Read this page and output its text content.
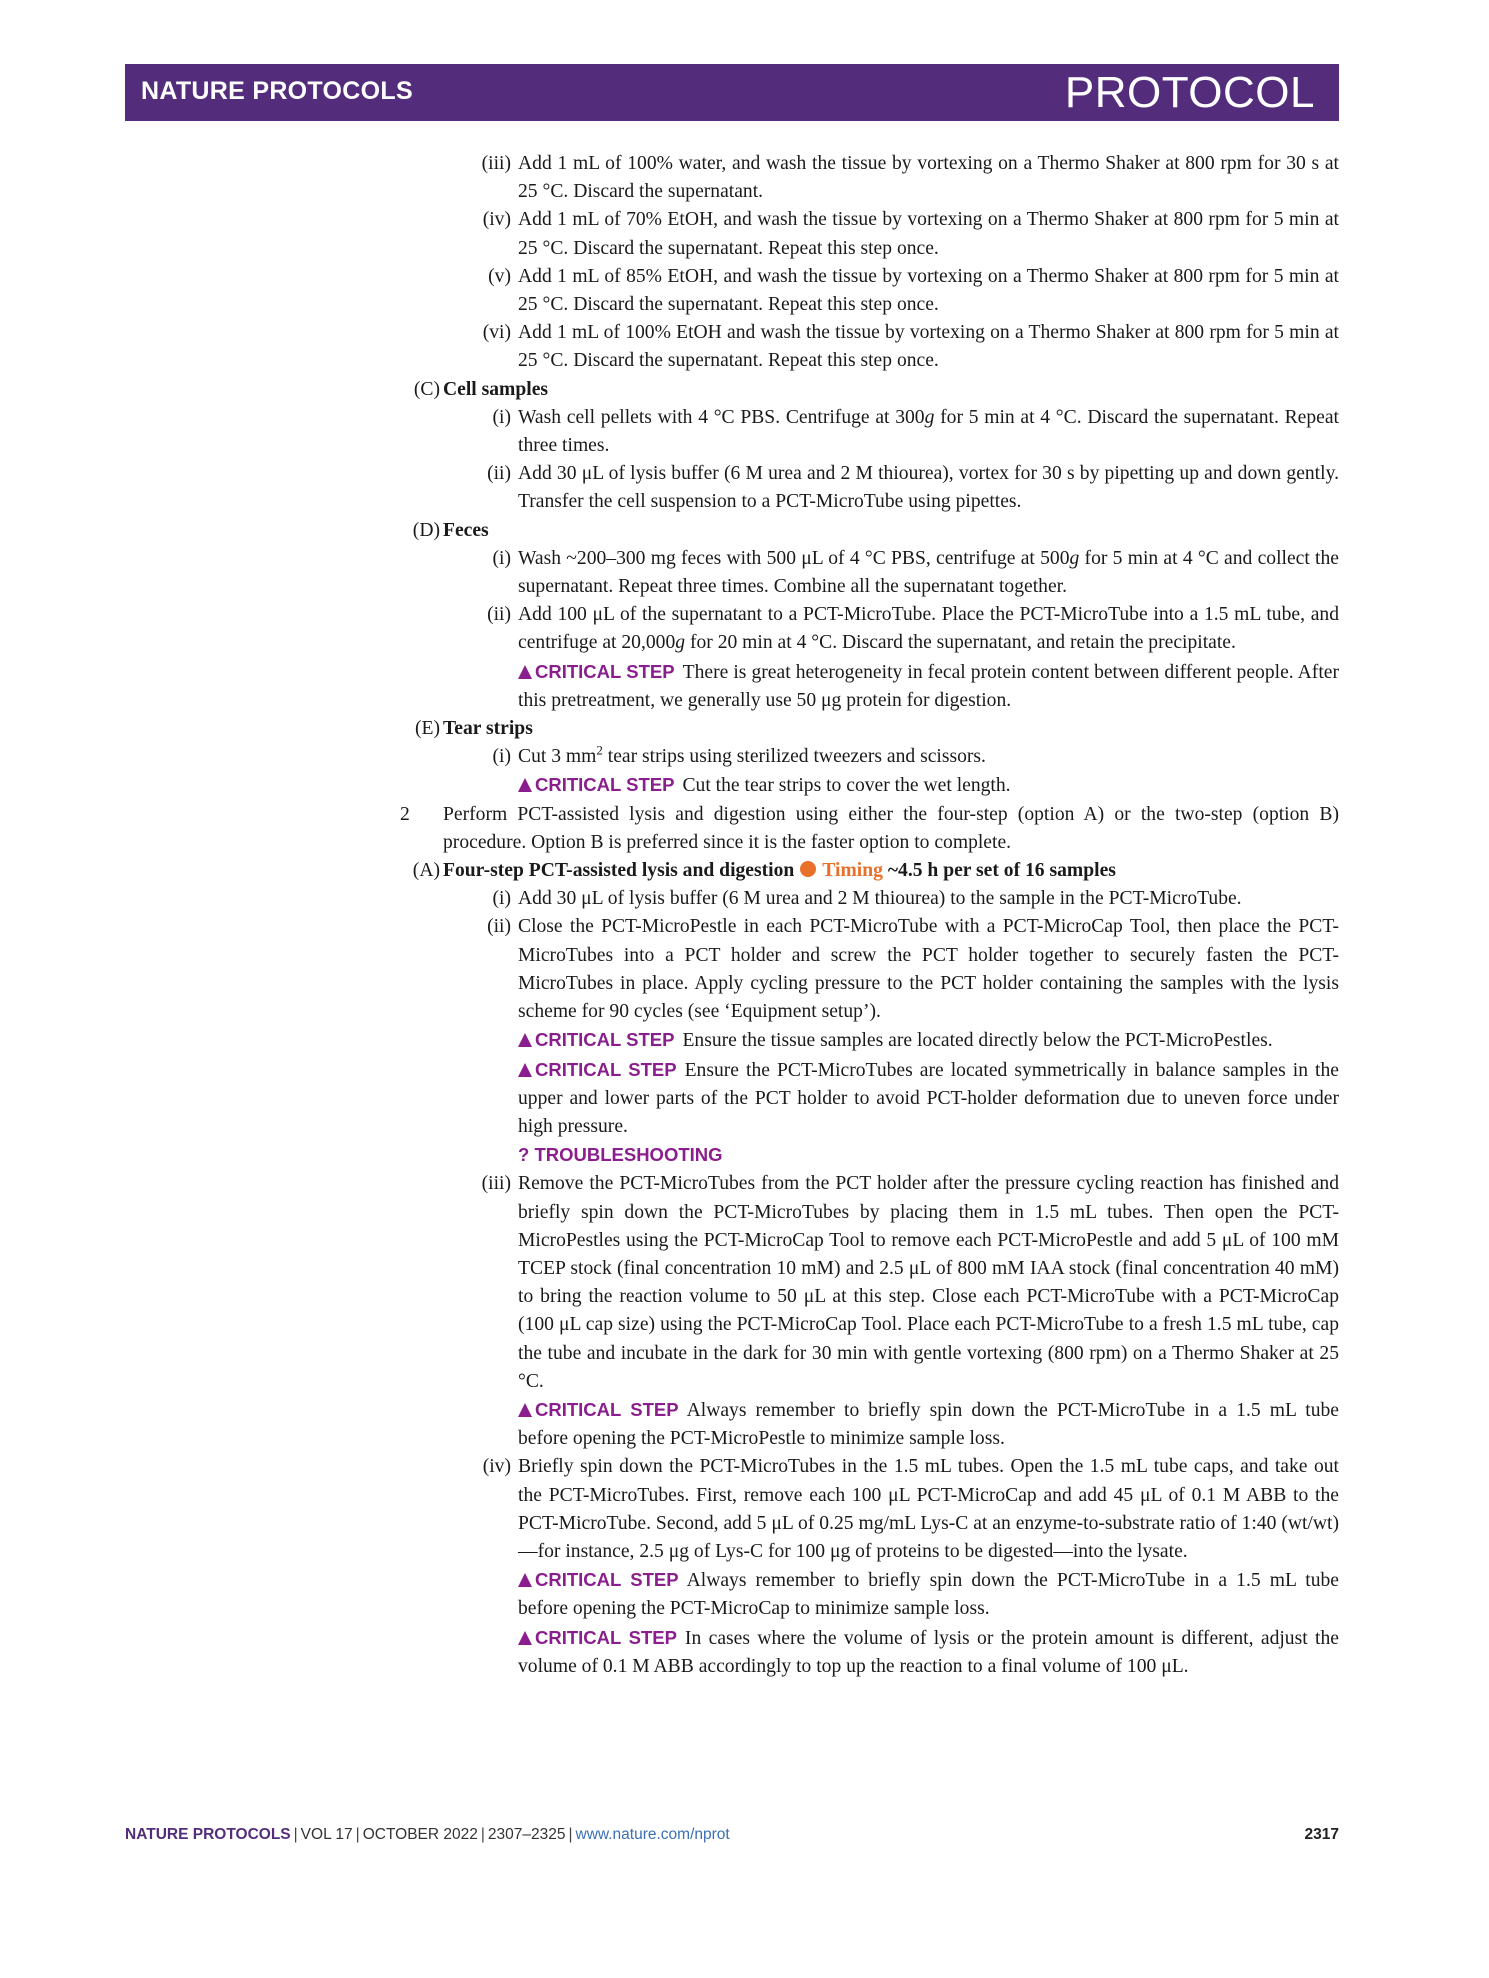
NATURE PROTOCOLS	PROTOCOL
(iii) Add 1 mL of 100% water, and wash the tissue by vortexing on a Thermo Shaker at 800 rpm for 30 s at 25 °C. Discard the supernatant.
(iv) Add 1 mL of 70% EtOH, and wash the tissue by vortexing on a Thermo Shaker at 800 rpm for 5 min at 25 °C. Discard the supernatant. Repeat this step once.
(v) Add 1 mL of 85% EtOH, and wash the tissue by vortexing on a Thermo Shaker at 800 rpm for 5 min at 25 °C. Discard the supernatant. Repeat this step once.
(vi) Add 1 mL of 100% EtOH and wash the tissue by vortexing on a Thermo Shaker at 800 rpm for 5 min at 25 °C. Discard the supernatant. Repeat this step once.
(C) Cell samples
(i) Wash cell pellets with 4 °C PBS. Centrifuge at 300g for 5 min at 4 °C. Discard the supernatant. Repeat three times.
(ii) Add 30 μL of lysis buffer (6 M urea and 2 M thiourea), vortex for 30 s by pipetting up and down gently. Transfer the cell suspension to a PCT-MicroTube using pipettes.
(D) Feces
(i) Wash ~200–300 mg feces with 500 μL of 4 °C PBS, centrifuge at 500g for 5 min at 4 °C and collect the supernatant. Repeat three times. Combine all the supernatant together.
(ii) Add 100 μL of the supernatant to a PCT-MicroTube. Place the PCT-MicroTube into a 1.5 mL tube, and centrifuge at 20,000g for 20 min at 4 °C. Discard the supernatant, and retain the precipitate.
CRITICAL STEP There is great heterogeneity in fecal protein content between different people. After this pretreatment, we generally use 50 μg protein for digestion.
(E) Tear strips
(i) Cut 3 $mm^2$ tear strips using sterilized tweezers and scissors.
CRITICAL STEP Cut the tear strips to cover the wet length.
2 Perform PCT-assisted lysis and digestion using either the four-step (option A) or the two-step (option B) procedure. Option B is preferred since it is the faster option to complete.
(A) Four-step PCT-assisted lysis and digestion Timing ~4.5 h per set of 16 samples
(i) Add 30 μL of lysis buffer (6 M urea and 2 M thiourea) to the sample in the PCT-MicroTube.
(ii) Close the PCT-MicroPestle in each PCT-MicroTube with a PCT-MicroCap Tool, then place the PCT-MicroTubes into a PCT holder and screw the PCT holder together to securely fasten the PCT-MicroTubes in place. Apply cycling pressure to the PCT holder containing the samples with the lysis scheme for 90 cycles (see ‘Equipment setup’).
CRITICAL STEP Ensure the tissue samples are located directly below the PCT-MicroPestles.
CRITICAL STEP Ensure the PCT-MicroTubes are located symmetrically in balance samples in the upper and lower parts of the PCT holder to avoid PCT-holder deformation due to uneven force under high pressure.
? TROUBLESHOOTING
(iii) Remove the PCT-MicroTubes from the PCT holder after the pressure cycling reaction has finished and briefly spin down the PCT-MicroTubes by placing them in 1.5 mL tubes. Then open the PCT-MicroPestles using the PCT-MicroCap Tool to remove each PCT-MicroPestle and add 5 μL of 100 mM TCEP stock (final concentration 10 mM) and 2.5 μL of 800 mM IAA stock (final concentration 40 mM) to bring the reaction volume to 50 μL at this step. Close each PCT-MicroTube with a PCT-MicroCap (100 μL cap size) using the PCT-MicroCap Tool. Place each PCT-MicroTube to a fresh 1.5 mL tube, cap the tube and incubate in the dark for 30 min with gentle vortexing (800 rpm) on a Thermo Shaker at 25 °C.
CRITICAL STEP Always remember to briefly spin down the PCT-MicroTube in a 1.5 mL tube before opening the PCT-MicroPestle to minimize sample loss.
(iv) Briefly spin down the PCT-MicroTubes in the 1.5 mL tubes. Open the 1.5 mL tube caps, and take out the PCT-MicroTubes. First, remove each 100 μL PCT-MicroCap and add 45 μL of 0.1 M ABB to the PCT-MicroTube. Second, add 5 μL of 0.25 mg/mL Lys-C at an enzyme-to-substrate ratio of 1:40 (wt/wt)—for instance, 2.5 μg of Lys-C for 100 μg of proteins to be digested—into the lysate.
CRITICAL STEP Always remember to briefly spin down the PCT-MicroTube in a 1.5 mL tube before opening the PCT-MicroCap to minimize sample loss.
CRITICAL STEP In cases where the volume of lysis or the protein amount is different, adjust the volume of 0.1 M ABB accordingly to top up the reaction to a final volume of 100 μL.
NATURE PROTOCOLS | VOL 17 | OCTOBER 2022 | 2307–2325 | www.nature.com/nprot	2317
